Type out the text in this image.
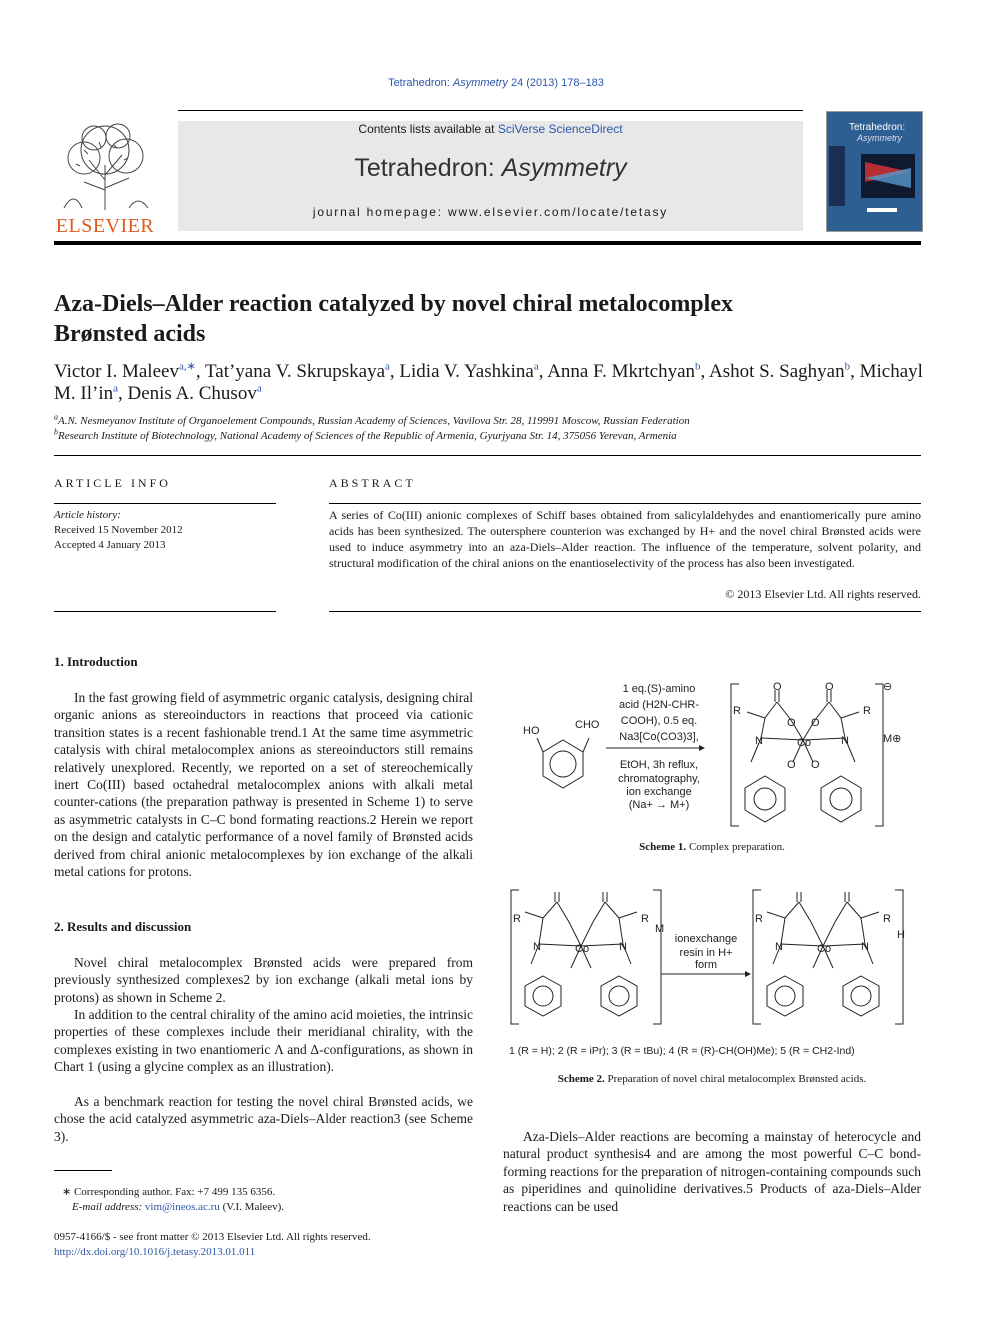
Tetrahedron: Asymmetry 24 (2013) 178–183
ELSEVIER
Contents lists available at SciVerse ScienceDirect
Tetrahedron: Asymmetry
journal homepage: www.elsevier.com/locate/tetasy
Tetrahedron:
Asymmetry
Aza-Diels–Alder reaction catalyzed by novel chiral metalocomplex
Brønsted acids
Victor I. Maleev$^{a,∗}$, Tat’yana V. Skrupskaya$^a$, Lidia V. Yashkina$^a$, Anna F. Mkrtchyan$^b$, Ashot S. Saghyan$^b$, Michayl M. $Il’in^a$, Denis A. Chusov$^a$
$^a$A.N. Nesmeyanov Institute of Organoelement Compounds, Russian Academy of Sciences, Vavilova Str. 28, 119991 Moscow, Russian Federation
$^b$Research Institute of Biotechnology, National Academy of Sciences of the Republic of Armenia, Gyurjyana Str. 14, 375056 Yerevan, Armenia
ARTICLE INFO
Article history:
Received 15 November 2012
Accepted 4 January 2013
ABSTRACT

A series of Co(III) anionic complexes of Schiff bases obtained from salicylaldehydes and enantiomerically pure amino acids has been synthesized. The outersphere counterion was exchanged by H+ and the novel chiral Brønsted acids were used to induce asymmetry into an aza-Diels–Alder reaction. The influence of the temperature, solvent polarity, and structural modification of the chiral anions on the enantioselectivity of the process has also been investigated.

© 2013 Elsevier Ltd. All rights reserved.
1. Introduction

In the fast growing field of asymmetric organic catalysis, designing chiral organic anions as stereoinductors in reactions that proceed via cationic transition states is a recent fashionable trend.1 At the same time asymmetric catalysis with chiral metalocomplex anions as stereoinductors still remains relatively unexplored. Recently, we reported on a set of stereochemically inert Co(III) based octahedral metalocomplex anions with alkali metal counter-cations (the preparation pathway is presented in Scheme 1) to serve as asymmetric catalysts in C–C bond formating reactions.2 Herein we report on the design and catalytic performance of a novel family of Brønsted acids derived from chiral anionic metalocomplexes by ion exchange of the alkali metal cations for protons.

2. Results and discussion

Novel chiral metalocomplex Brønsted acids were prepared from previously synthesized complexes2 by ion exchange (alkali metal ions by protons) as shown in Scheme 2.

In addition to the central chirality of the amino acid moieties, the intrinsic properties of these complexes include their meridianal chirality, with the complexes existing in two enantiomeric Λ and Δ-configurations, as shown in Chart 1 (using a glycine complex as an illustration).

As a benchmark reaction for testing the novel chiral Brønsted acids, we chose the acid catalyzed asymmetric aza-Diels–Alder reaction3 (see Scheme 3).

∗ Corresponding author. Fax: +7 499 135 6356.
E-mail address: vim@ineos.ac.ru (V.I. Maleev).
0957-4166/$ - see front matter © 2013 Elsevier Ltd. All rights reserved.
http://dx.doi.org/10.1016/j.tetasy.2013.01.011
HO	CHO
1 eq.(S)-amino
acid (H2N-CHR-
COOH), 0.5 eq.
Na3[Co(CO3)3],
EtOH, 3h reflux,
chromatography,
ion exchange
(Na+ → M+)
Co
N	N
O	O
O O
O O
R	R
⊖
M⊕
Scheme 1. Complex preparation.
Co
N	N
R	R
M
ionexchange
resin in H+
form
Co
N	N
R	R
H
1 (R = H); 2 (R = iPr); 3 (R = tBu); 4 (R = (R)-CH(OH)Me); 5 (R = CH2-Ind)
Scheme 2. Preparation of novel chiral metalocomplex Brønsted acids.

Aza-Diels–Alder reactions are becoming a mainstay of heterocycle and natural product synthesis4 and are among the most powerful C–C bond-forming reactions for the preparation of nitrogen-containing compounds such as piperidines and quinolidine derivatives.5 Products of aza-Diels–Alder reactions can be used
